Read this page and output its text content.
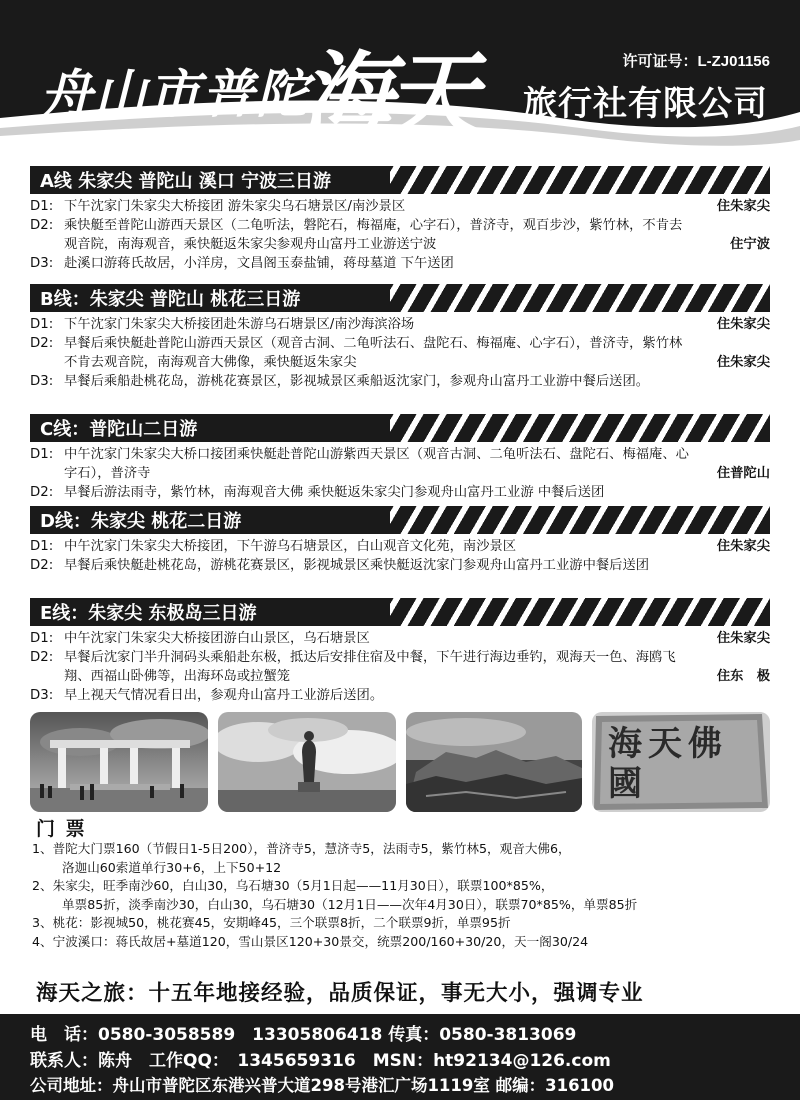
舟山市普陀
海天	许可证号：L-ZJ01156
旅行社有限公司
A线 朱家尖 普陀山 溪口 宁波三日游
D1: 下午沈家门朱家尖大桥接团 游朱家尖乌石塘景区/南沙景区	住朱家尖
D2: 乘快艇至普陀山游西天景区（二龟听法，磐陀石，梅福庵，心字石），普济寺，观百步沙，紫竹林，不肯去观音院，南海观音，乘快艇返朱家尖参观舟山富丹工业游送宁波	住宁波
D3: 赴溪口游蒋氏故居，小洋房，文昌阁玉泰盐铺，蒋母墓道 下午送团
B线：朱家尖 普陀山 桃花三日游
D1: 下午沈家门朱家尖大桥接团赴朱游乌石塘景区/南沙海滨浴场	住朱家尖
D2: 早餐后乘快艇赴普陀山游西天景区（观音古洞、二龟听法石、盘陀石、梅福庵、心字石），普济寺，紫竹林不肯去观音院，南海观音大佛像，乘快艇返朱家尖	住朱家尖
D3: 早餐后乘船赴桃花岛，游桃花赛景区，影视城景区乘船返沈家门，参观舟山富丹工业游中餐后送团。
C线：普陀山二日游
D1: 中午沈家门朱家尖大桥口接团乘快艇赴普陀山游紫西天景区（观音古洞、二龟听法石、盘陀石、梅福庵、心字石），普济寺	住普陀山
D2: 早餐后游法雨寺，紫竹林，南海观音大佛 乘快艇返朱家尖门参观舟山富丹工业游 中餐后送团
D线：朱家尖 桃花二日游
D1: 中午沈家门朱家尖大桥接团，下午游乌石塘景区，白山观音文化苑，南沙景区	住朱家尖
D2: 早餐后乘快艇赴桃花岛，游桃花赛景区，影视城景区乘快艇返沈家门参观舟山富丹工业游中餐后送团
E线：朱家尖 东极岛三日游
D1: 中午沈家门朱家尖大桥接团游白山景区，乌石塘景区	住朱家尖
D2: 早餐后沈家门半升洞码头乘船赴东极，抵达后安排住宿及中餐，下午进行海边垂钓，观海天一色、海鸥飞翔、西福山卧佛等，出海环岛或拉蟹笼	住东　极
D3: 早上视天气情况看日出，参观舟山富丹工业游后送团。
海天佛國
门 票
1、普陀大门票160（节假日1-5日200），普济寺5，慧济寺5，法雨寺5，紫竹林5，观音大佛6，
洛迦山60索道单行30+6，上下50+12
2、朱家尖，旺季南沙60，白山30，乌石塘30（5月1日起——11月30日），联票100*85%，
单票85折，淡季南沙30，白山30，乌石塘30（12月1日——次年4月30日），联票70*85%，单票85折
3、桃花：影视城50，桃花赛45，安期峰45，三个联票8折，二个联票9折，单票95折
4、宁波溪口：蒋氏故居+墓道120，雪山景区120+30景交，统票200/160+30/20，天一阁30/24
海天之旅：十五年地接经验，品质保证，事无大小，强调专业
电　话：0580-3058589　13305806418 传真：0580-3813069
联系人：陈舟　工作QQ：　1345659316　MSN：ht92134@126.com
公司地址：舟山市普陀区东港兴普大道298号港汇广场1119室 邮编：316100
